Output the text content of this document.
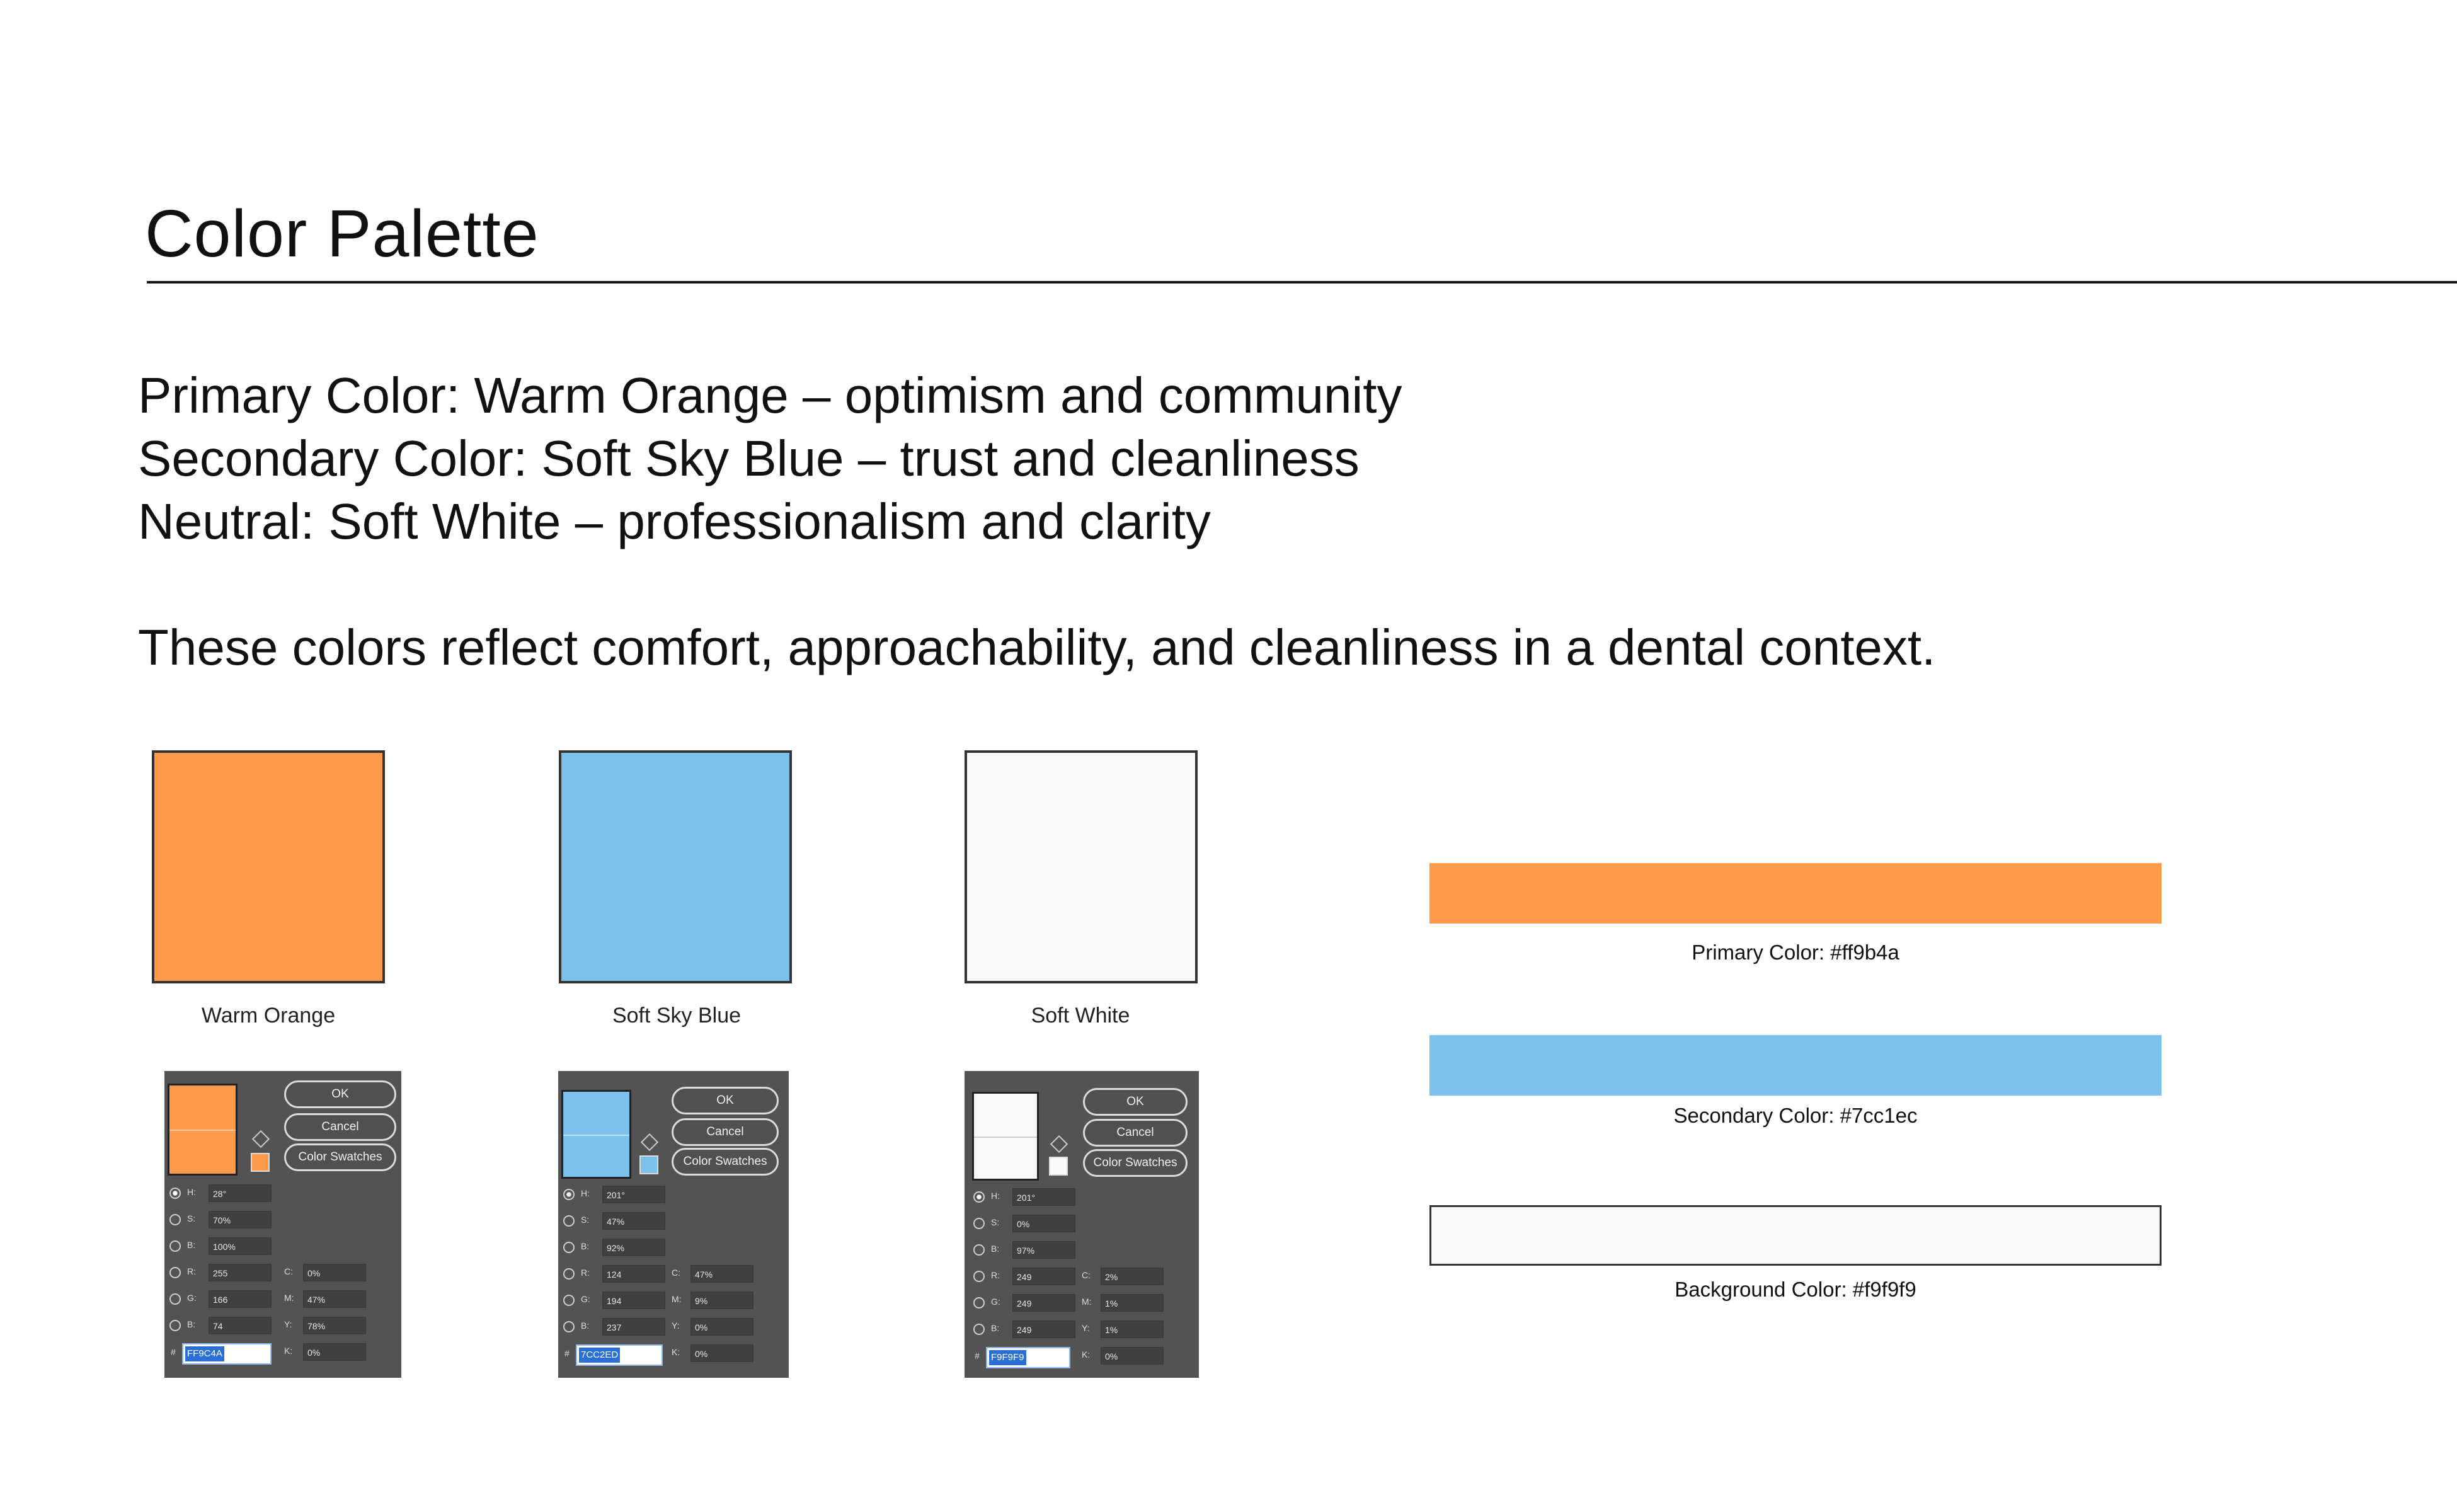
Color Palette
Primary Color: Warm Orange – optimism and community
Secondary Color: Soft Sky Blue – trust and cleanliness
Neutral: Soft White – professionalism and clarity
These colors reflect comfort, approachability, and cleanliness in a dental context.
Warm Orange	Soft Sky Blue	Soft White
OK
Cancel
Color Swatches
H:	28°
S:	70%
B:	100%
R:	255
G:	166
B:	74
C:	0%
M:	47%
Y:	78%
K:	0%
#	FF9C4A
OK
Cancel
Color Swatches
H:	201°
S:	47%
B:	92%
R:	124
G:	194
B:	237
C:	47%
M:	9%
Y:	0%
K:	0%
#	7CC2ED
OK
Cancel
Color Swatches
H:	201°
S:	0%
B:	97%
R:	249
G:	249
B:	249
C:	2%
M:	1%
Y:	1%
K:	0%
#	F9F9F9
Primary Color: #ff9b4a
Secondary Color: #7cc1ec
Background Color: #f9f9f9
